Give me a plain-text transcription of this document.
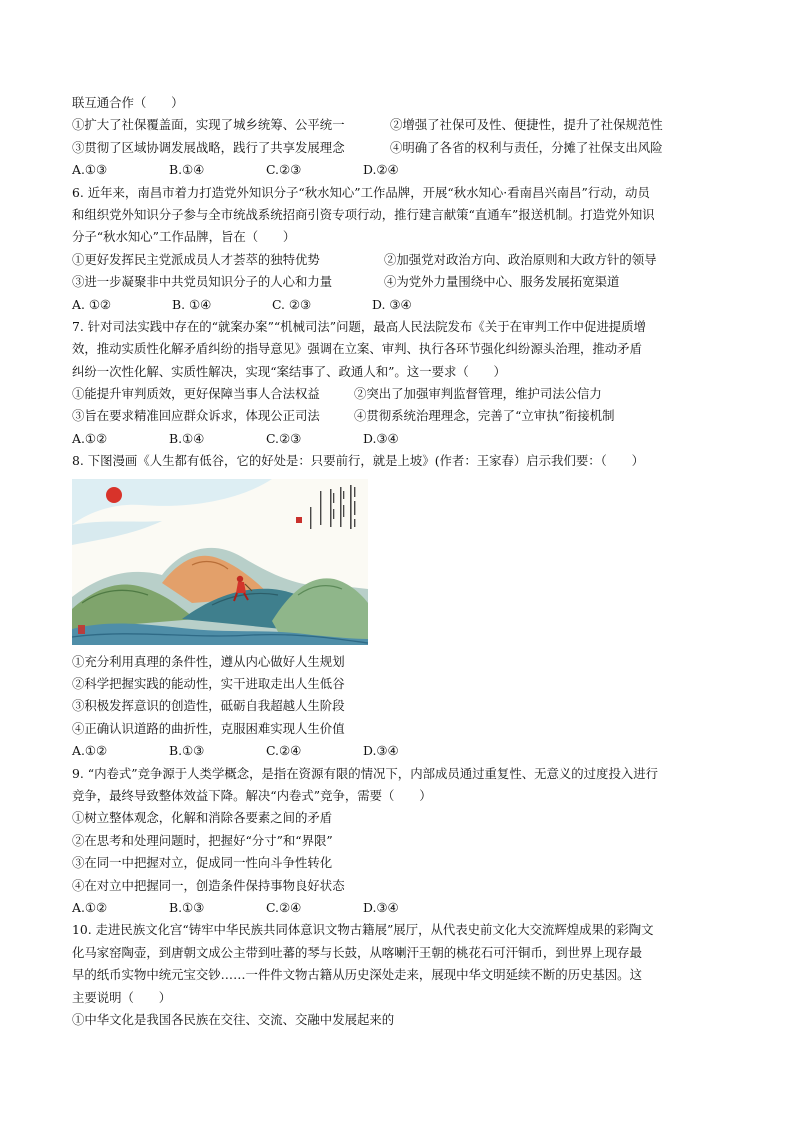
联互通合作（　　）
①扩大了社保覆盖面，实现了城乡统筹、公平统一	②增强了社保可及性、便捷性，提升了社保规范性
③贯彻了区域协调发展战略，践行了共享发展理念	④明确了各省的权利与责任，分摊了社保支出风险
A.①③	B.①④	C.②③	D.②④
6. 近年来，南昌市着力打造党外知识分子“秋水知心”工作品牌，开展“秋水知心·看南昌兴南昌”行动，动员
和组织党外知识分子参与全市统战系统招商引资专项行动，推行建言献策“直通车”报送机制。打造党外知识
分子“秋水知心”工作品牌，旨在（　　）
①更好发挥民主党派成员人才荟萃的独特优势	②加强党对政治方向、政治原则和大政方针的领导
③进一步凝聚非中共党员知识分子的人心和力量	④为党外力量围绕中心、服务发展拓宽渠道
A. ①②	B. ①④	C. ②③	D. ③④
7. 针对司法实践中存在的“就案办案”“机械司法”问题，最高人民法院发布《关于在审判工作中促进提质增
效，推动实质性化解矛盾纠纷的指导意见》强调在立案、审判、执行各环节强化纠纷源头治理，推动矛盾
纠纷一次性化解、实质性解决，实现“案结事了、政通人和”。这一要求（　　）
①能提升审判质效，更好保障当事人合法权益	②突出了加强审判监督管理，维护司法公信力
③旨在要求精准回应群众诉求，体现公正司法	④贯彻系统治理理念，完善了“立审执”衔接机制
A.①②	B.①④	C.②③	D.③④
8. 下图漫画《人生都有低谷，它的好处是：只要前行，就是上坡》(作者：王家春）启示我们要：（　　）
①充分利用真理的条件性，遵从内心做好人生规划
②科学把握实践的能动性，实干进取走出人生低谷
③积极发挥意识的创造性，砥砺自我超越人生阶段
④正确认识道路的曲折性，克服困难实现人生价值
A.①②	B.①③	C.②④	D.③④
9. “内卷式”竞争源于人类学概念，是指在资源有限的情况下，内部成员通过重复性、无意义的过度投入进行
竞争，最终导致整体效益下降。解决“内卷式”竞争，需要（　　）
①树立整体观念，化解和消除各要素之间的矛盾
②在思考和处理问题时，把握好“分寸”和“界限”
③在同一中把握对立，促成同一性向斗争性转化
④在对立中把握同一，创造条件保持事物良好状态
A.①②	B.①③	C.②④	D.③④
10. 走进民族文化宫“铸牢中华民族共同体意识文物古籍展”展厅，从代表史前文化大交流辉煌成果的彩陶文
化马家窑陶壶，到唐朝文成公主带到吐蕃的琴与长鼓，从喀喇汗王朝的桃花石可汗铜币，到世界上现存最
早的纸币实物中统元宝交钞……一件件文物古籍从历史深处走来，展现中华文明延续不断的历史基因。这
主要说明（　　）
①中华文化是我国各民族在交往、交流、交融中发展起来的
